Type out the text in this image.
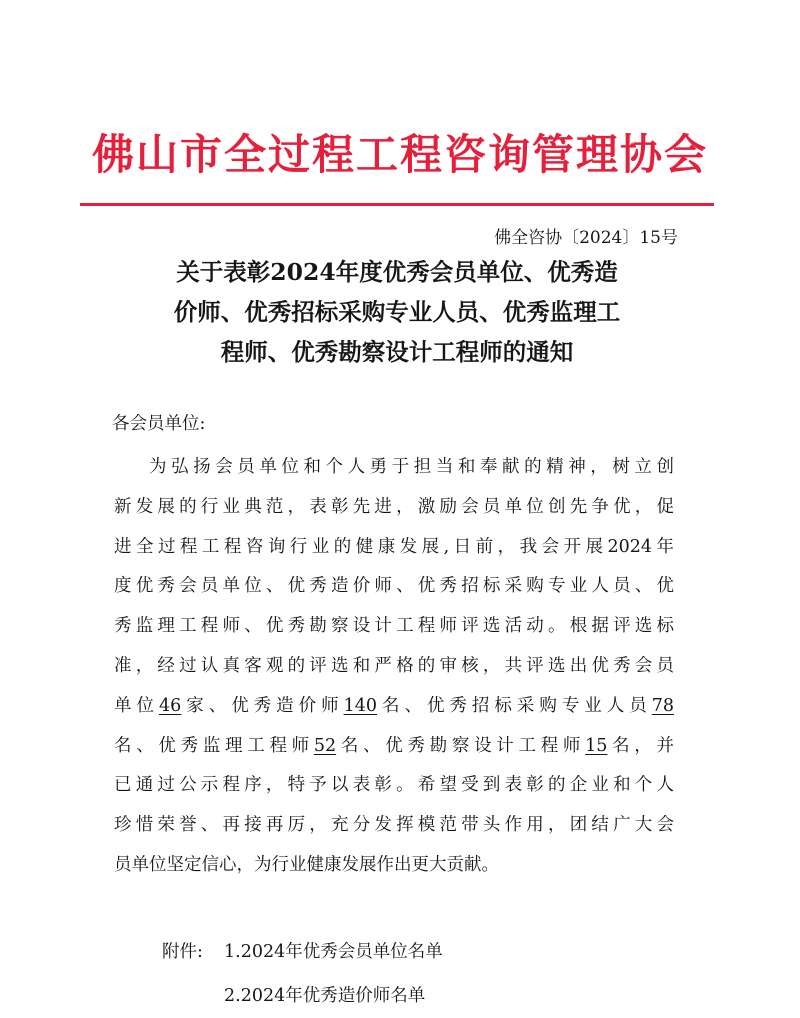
佛山市全过程工程咨询管理协会
佛全咨协〔2024〕15号
关于表彰2024年度优秀会员单位、优秀造
价师、优秀招标采购专业人员、优秀监理工
程师、优秀勘察设计工程师的通知
各会员单位:
为弘扬会员单位和个人勇于担当和奉献的精神，树立创
新发展的行业典范，表彰先进，激励会员单位创先争优，促
进全过程工程咨询行业的健康发展,日前，我会开展2024年
度优秀会员单位、优秀造价师、优秀招标采购专业人员、优
秀监理工程师、优秀勘察设计工程师评选活动。根据评选标
准，经过认真客观的评选和严格的审核，共评选出优秀会员
单位46家、优秀造价师140名、优秀招标采购专业人员78
名、优秀监理工程师52名、优秀勘察设计工程师15名，并
已通过公示程序，特予以表彰。希望受到表彰的企业和个人
珍惜荣誉、再接再厉，充分发挥模范带头作用，团结广大会
员单位坚定信心，为行业健康发展作出更大贡献。
附件: 1.2024年优秀会员单位名单
2.2024年优秀造价师名单
